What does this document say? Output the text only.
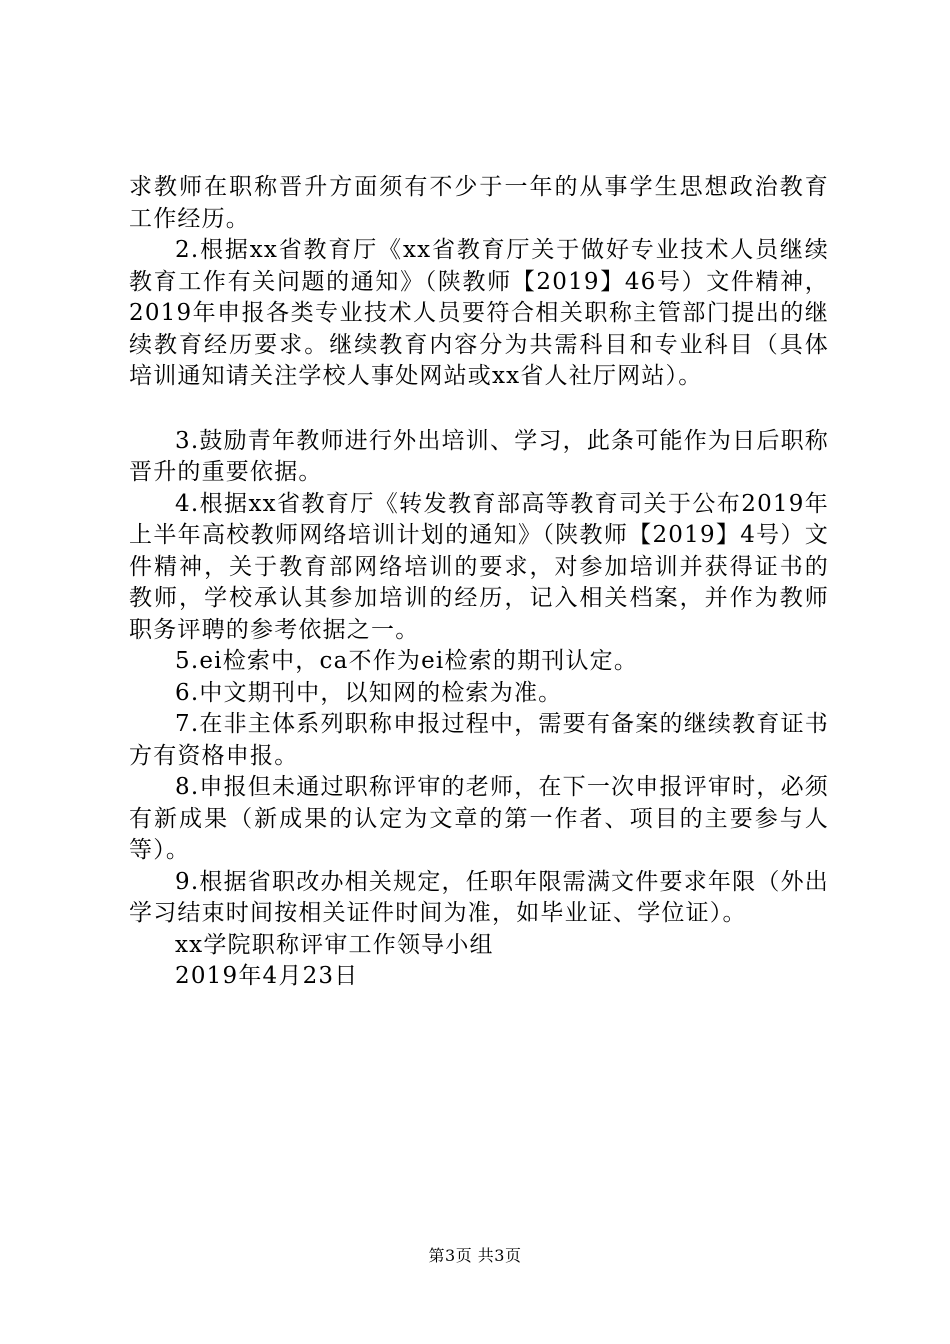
求教师在职称晋升方面须有不少于一年的从事学生思想政治教育工作经历。

2.根据xx省教育厅《xx省教育厅关于做好专业技术人员继续教育工作有关问题的通知》（陕教师【2019】46号）文件精神，2019年申报各类专业技术人员要符合相关职称主管部门提出的继续教育经历要求。继续教育内容分为共需科目和专业科目（具体培训通知请关注学校人事处网站或xx省人社厅网站）。

3.鼓励青年教师进行外出培训、学习，此条可能作为日后职称晋升的重要依据。

4.根据xx省教育厅《转发教育部高等教育司关于公布2019年上半年高校教师网络培训计划的通知》（陕教师【2019】4号）文件精神，关于教育部网络培训的要求，对参加培训并获得证书的教师，学校承认其参加培训的经历，记入相关档案，并作为教师职务评聘的参考依据之一。

5.ei检索中，ca不作为ei检索的期刊认定。

6.中文期刊中，以知网的检索为准。

7.在非主体系列职称申报过程中，需要有备案的继续教育证书方有资格申报。

8.申报但未通过职称评审的老师，在下一次申报评审时，必须有新成果（新成果的认定为文章的第一作者、项目的主要参与人等）。

9.根据省职改办相关规定，任职年限需满文件要求年限（外出学习结束时间按相关证件时间为准，如毕业证、学位证）。

xx学院职称评审工作领导小组

2019年4月23日

第3页 共3页
